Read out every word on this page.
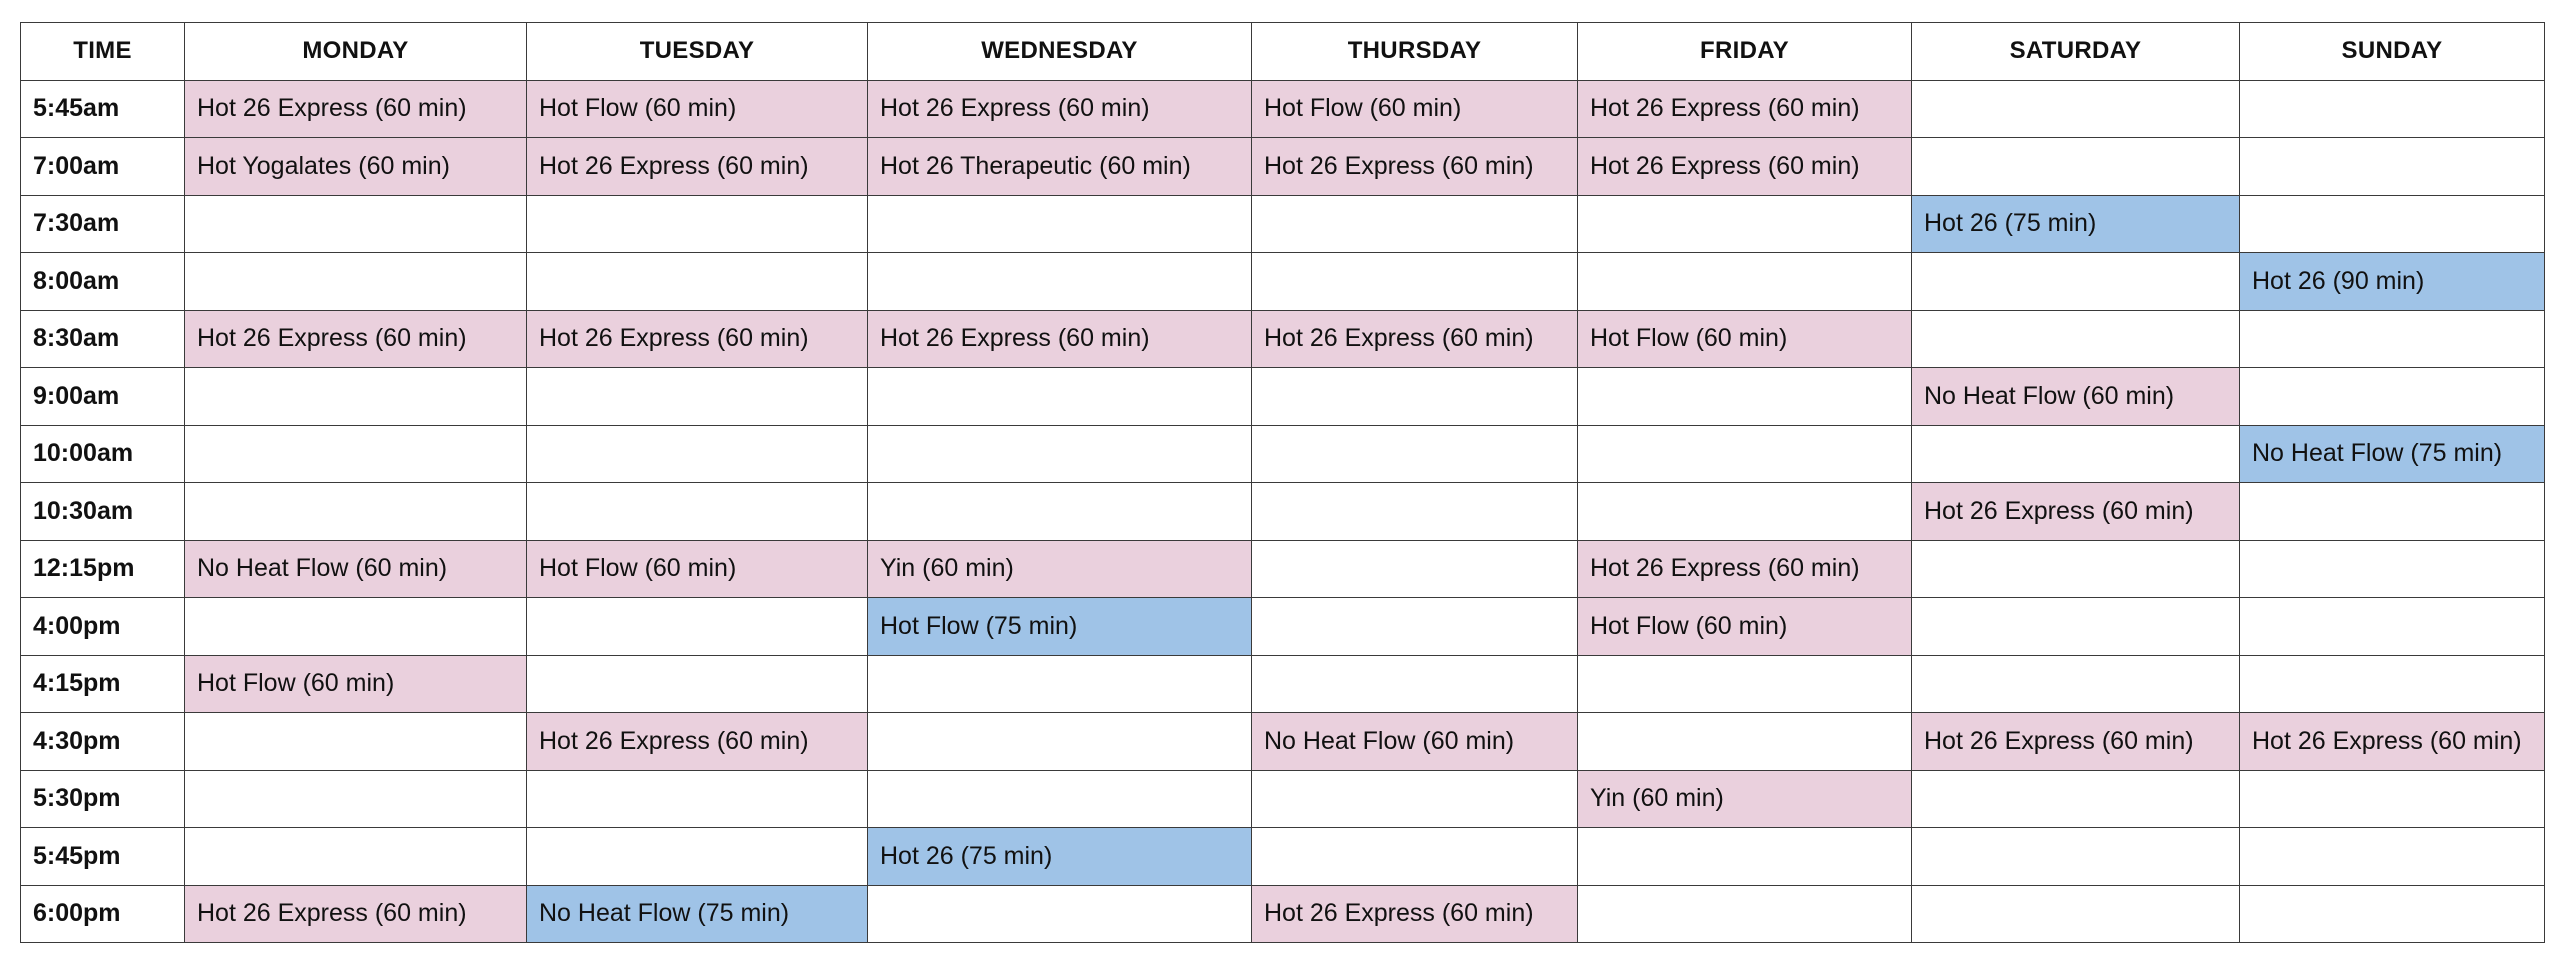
TIME	MONDAY	TUESDAY	WEDNESDAY	THURSDAY	FRIDAY	SATURDAY	SUNDAY
5:45am	Hot 26 Express (60 min)	Hot Flow (60 min)	Hot 26 Express (60 min)	Hot Flow (60 min)	Hot 26 Express (60 min)		
7:00am	Hot Yogalates (60 min)	Hot 26 Express (60 min)	Hot 26 Therapeutic (60 min)	Hot 26 Express (60 min)	Hot 26 Express (60 min)		
7:30am						Hot 26 (75 min)	
8:00am							Hot 26 (90 min)
8:30am	Hot 26 Express (60 min)	Hot 26 Express (60 min)	Hot 26 Express (60 min)	Hot 26 Express (60 min)	Hot Flow (60 min)		
9:00am						No Heat Flow (60 min)	
10:00am							No Heat Flow (75 min)
10:30am						Hot 26 Express (60 min)	
12:15pm	No Heat Flow (60 min)	Hot Flow (60 min)	Yin (60 min)		Hot 26 Express (60 min)		
4:00pm			Hot Flow (75 min)		Hot Flow (60 min)		
4:15pm	Hot Flow (60 min)						
4:30pm		Hot 26 Express (60 min)		No Heat Flow (60 min)		Hot 26 Express (60 min)	Hot 26 Express (60 min)
5:30pm					Yin (60 min)		
5:45pm			Hot 26 (75 min)				
6:00pm	Hot 26 Express (60 min)	No Heat Flow (75 min)		Hot 26 Express (60 min)			
